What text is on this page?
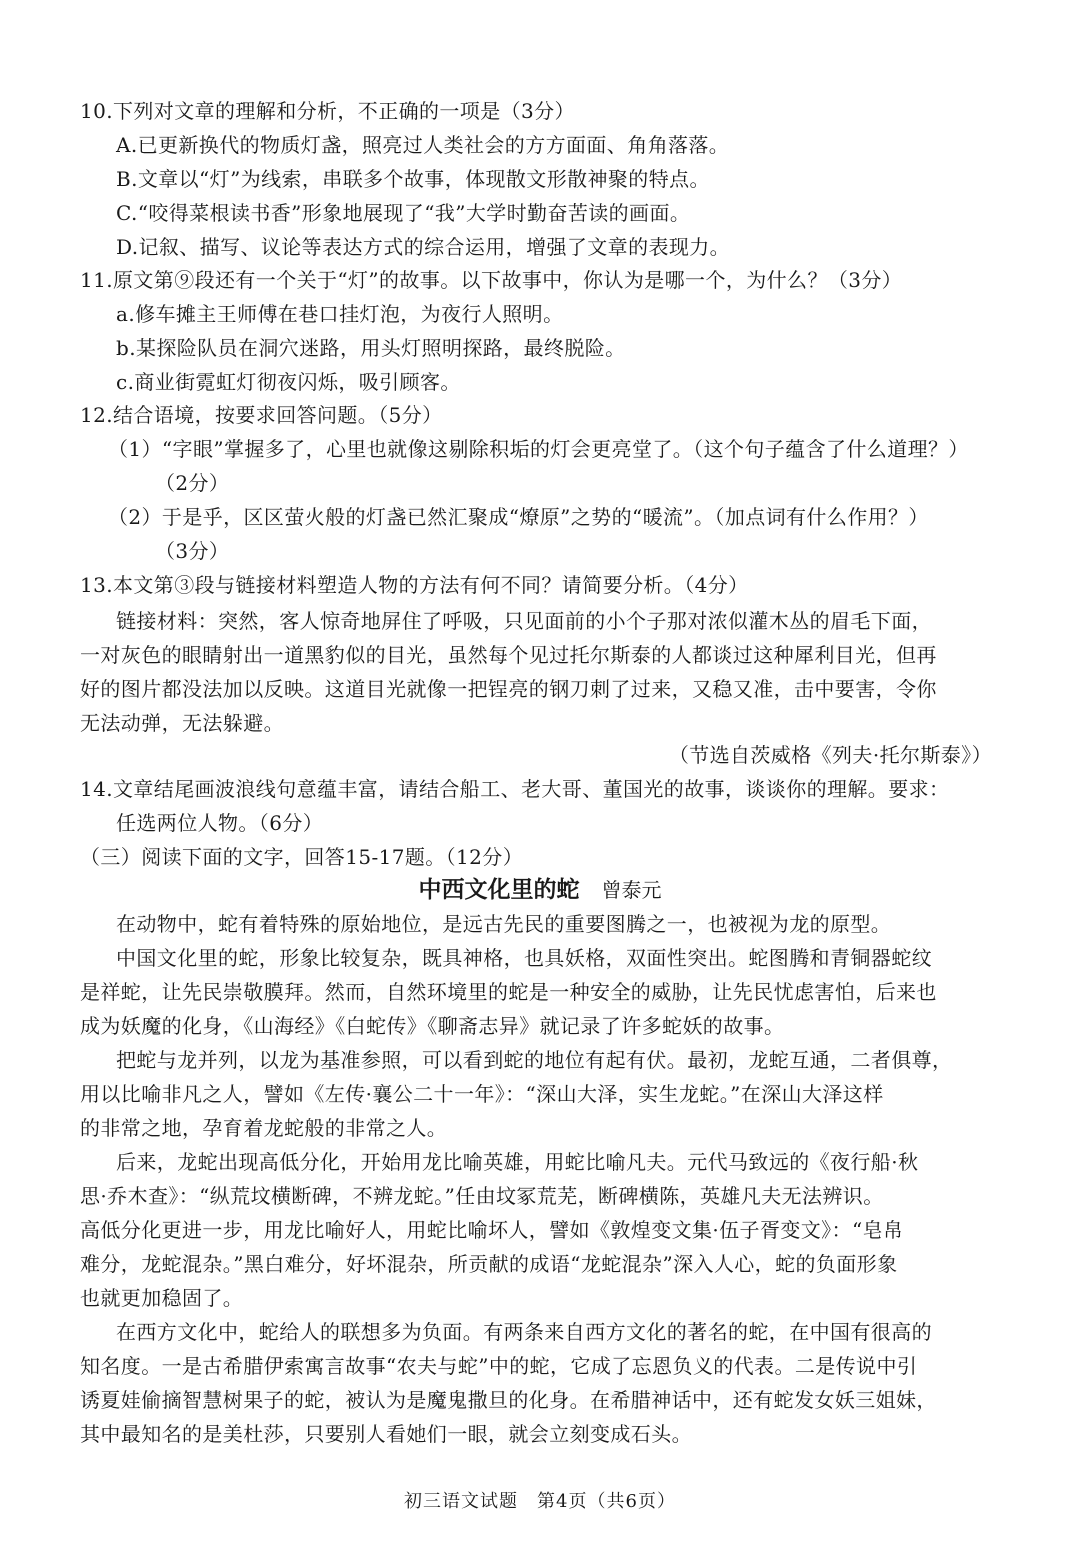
10.下列对文章的理解和分析，不正确的一项是（3分）
A.已更新换代的物质灯盏，照亮过人类社会的方方面面、角角落落。
B.文章以“灯”为线索，串联多个故事，体现散文形散神聚的特点。
C.“咬得菜根读书香”形象地展现了“我”大学时勤奋苦读的画面。
D.记叙、描写、议论等表达方式的综合运用，增强了文章的表现力。
11.原文第⑨段还有一个关于“灯”的故事。以下故事中，你认为是哪一个，为什么？（3分）
a.修车摊主王师傅在巷口挂灯泡，为夜行人照明。
b.某探险队员在洞穴迷路，用头灯照明探路，最终脱险。
c.商业街霓虹灯彻夜闪烁，吸引顾客。
12.结合语境，按要求回答问题。（5分）
（1）“字眼”掌握多了，心里也就像这剔除积垢的灯会更亮堂了。（这个句子蕴含了什么道理？）
（2分）
（2）于是乎，区区萤火般的灯盏已然汇聚成“燎原”之势的“暖流”。（加点词有什么作用？）
（3分）
13.本文第③段与链接材料塑造人物的方法有何不同？请简要分析。（4分）
链接材料：突然，客人惊奇地屏住了呼吸，只见面前的小个子那对浓似灌木丛的眉毛下面，
一对灰色的眼睛射出一道黑豹似的目光，虽然每个见过托尔斯泰的人都谈过这种犀利目光，但再
好的图片都没法加以反映。这道目光就像一把锃亮的钢刀刺了过来，又稳又准，击中要害，令你
无法动弹，无法躲避。
（节选自茨威格《列夫·托尔斯泰》）
14.文章结尾画波浪线句意蕴丰富，请结合船工、老大哥、董国光的故事，谈谈你的理解。要求：
任选两位人物。（6分）
（三）阅读下面的文字，回答15-17题。（12分）
中西文化里的蛇 曾泰元
在动物中，蛇有着特殊的原始地位，是远古先民的重要图腾之一，也被视为龙的原型。
中国文化里的蛇，形象比较复杂，既具神格，也具妖格，双面性突出。蛇图腾和青铜器蛇纹
是祥蛇，让先民崇敬膜拜。然而，自然环境里的蛇是一种安全的威胁，让先民忧虑害怕，后来也
成为妖魔的化身，《山海经》《白蛇传》《聊斋志异》就记录了许多蛇妖的故事。
把蛇与龙并列，以龙为基准参照，可以看到蛇的地位有起有伏。最初，龙蛇互通，二者俱尊，
用以比喻非凡之人，譬如《左传·襄公二十一年》：“深山大泽，实生龙蛇。”在深山大泽这样
的非常之地，孕育着龙蛇般的非常之人。
后来，龙蛇出现高低分化，开始用龙比喻英雄，用蛇比喻凡夫。元代马致远的《夜行船·秋
思·乔木查》：“纵荒坟横断碑，不辨龙蛇。”任由坟冢荒芜，断碑横陈，英雄凡夫无法辨识。
高低分化更进一步，用龙比喻好人，用蛇比喻坏人，譬如《敦煌变文集·伍子胥变文》：“皂帛
难分，龙蛇混杂。”黑白难分，好坏混杂，所贡献的成语“龙蛇混杂”深入人心，蛇的负面形象
也就更加稳固了。
在西方文化中，蛇给人的联想多为负面。有两条来自西方文化的著名的蛇，在中国有很高的
知名度。一是古希腊伊索寓言故事“农夫与蛇”中的蛇，它成了忘恩负义的代表。二是传说中引
诱夏娃偷摘智慧树果子的蛇，被认为是魔鬼撒旦的化身。在希腊神话中，还有蛇发女妖三姐妹，
其中最知名的是美杜莎，只要别人看她们一眼，就会立刻变成石头。
初三语文试题　第4页（共6页）
